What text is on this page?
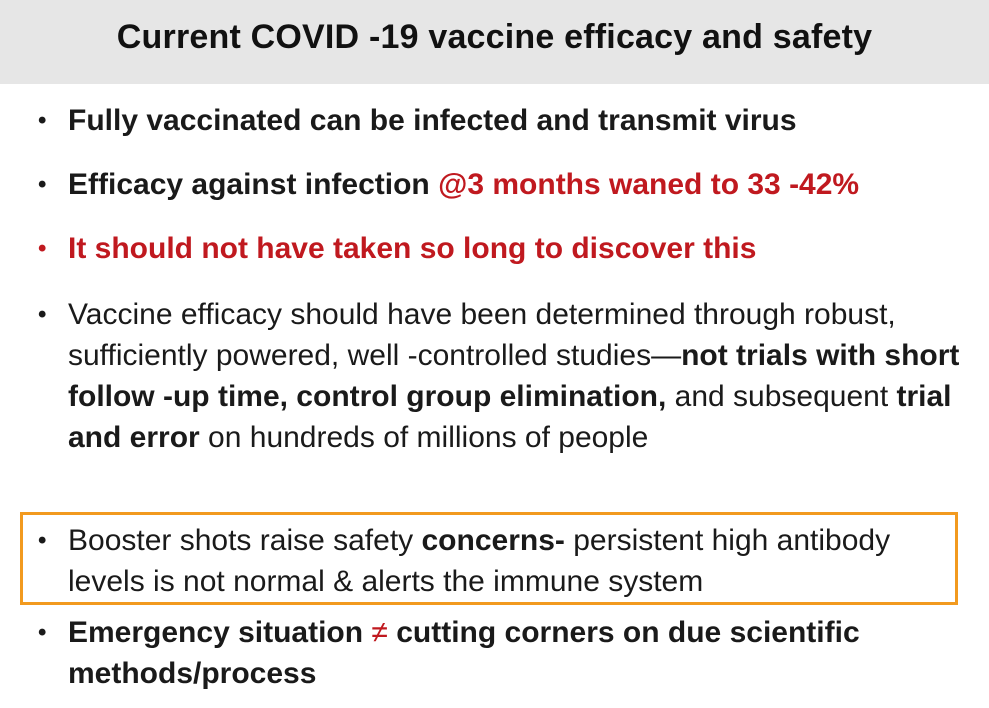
Current COVID -19 vaccine efficacy and safety
• Fully vaccinated can be infected and transmit virus
• Efficacy against infection @3 months waned to 33 -42%
• It should not have taken so long to discover this
• Vaccine efficacy should have been determined through robust, sufficiently powered, well -controlled studies—not trials with short follow -up time, control group elimination, and subsequent trial and error on hundreds of millions of people
• Booster shots raise safety concerns- persistent high antibody levels is not normal & alerts the immune system
• Emergency situation ≠ cutting corners on due scientific methods/process
